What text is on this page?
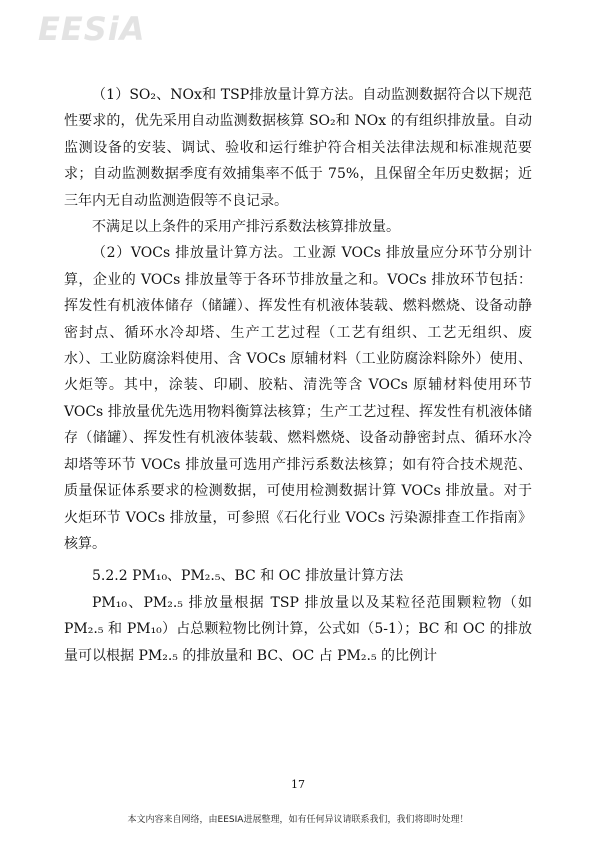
EESiA

（1）SO₂、NOx和 TSP排放量计算方法。自动监测数据符合以下规范性要求的，优先采用自动监测数据核算 SO₂和 NOx 的有组织排放量。自动监测设备的安装、调试、验收和运行维护符合相关法律法规和标准规范要求；自动监测数据季度有效捕集率不低于 75%，且保留全年历史数据；近三年内无自动监测造假等不良记录。

不满足以上条件的采用产排污系数法核算排放量。

（2）VOCs 排放量计算方法。工业源 VOCs 排放量应分环节分别计算，企业的 VOCs 排放量等于各环节排放量之和。VOCs 排放环节包括：挥发性有机液体储存（储罐）、挥发性有机液体装载、燃料燃烧、设备动静密封点、循环水冷却塔、生产工艺过程（工艺有组织、工艺无组织、废水）、工业防腐涂料使用、含 VOCs 原辅材料（工业防腐涂料除外）使用、火炬等。其中，涂装、印刷、胶粘、清洗等含 VOCs 原辅材料使用环节 VOCs 排放量优先选用物料衡算法核算；生产工艺过程、挥发性有机液体储存（储罐）、挥发性有机液体装载、燃料燃烧、设备动静密封点、循环水冷却塔等环节 VOCs 排放量可选用产排污系数法核算；如有符合技术规范、质量保证体系要求的检测数据，可使用检测数据计算 VOCs 排放量。对于火炬环节 VOCs 排放量，可参照《石化行业 VOCs 污染源排查工作指南》核算。

5.2.2 PM₁₀、PM₂.₅、BC 和 OC 排放量计算方法

PM₁₀、PM₂.₅ 排放量根据 TSP 排放量以及某粒径范围颗粒物（如 PM₂.₅ 和 PM₁₀）占总颗粒物比例计算，公式如（5-1）；BC 和 OC 的排放量可以根据 PM₂.₅ 的排放量和 BC、OC 占 PM₂.₅ 的比例计

17
本文内容来自网络，由EESIA进展整理，如有任何异议请联系我们，我们将即时处理！
